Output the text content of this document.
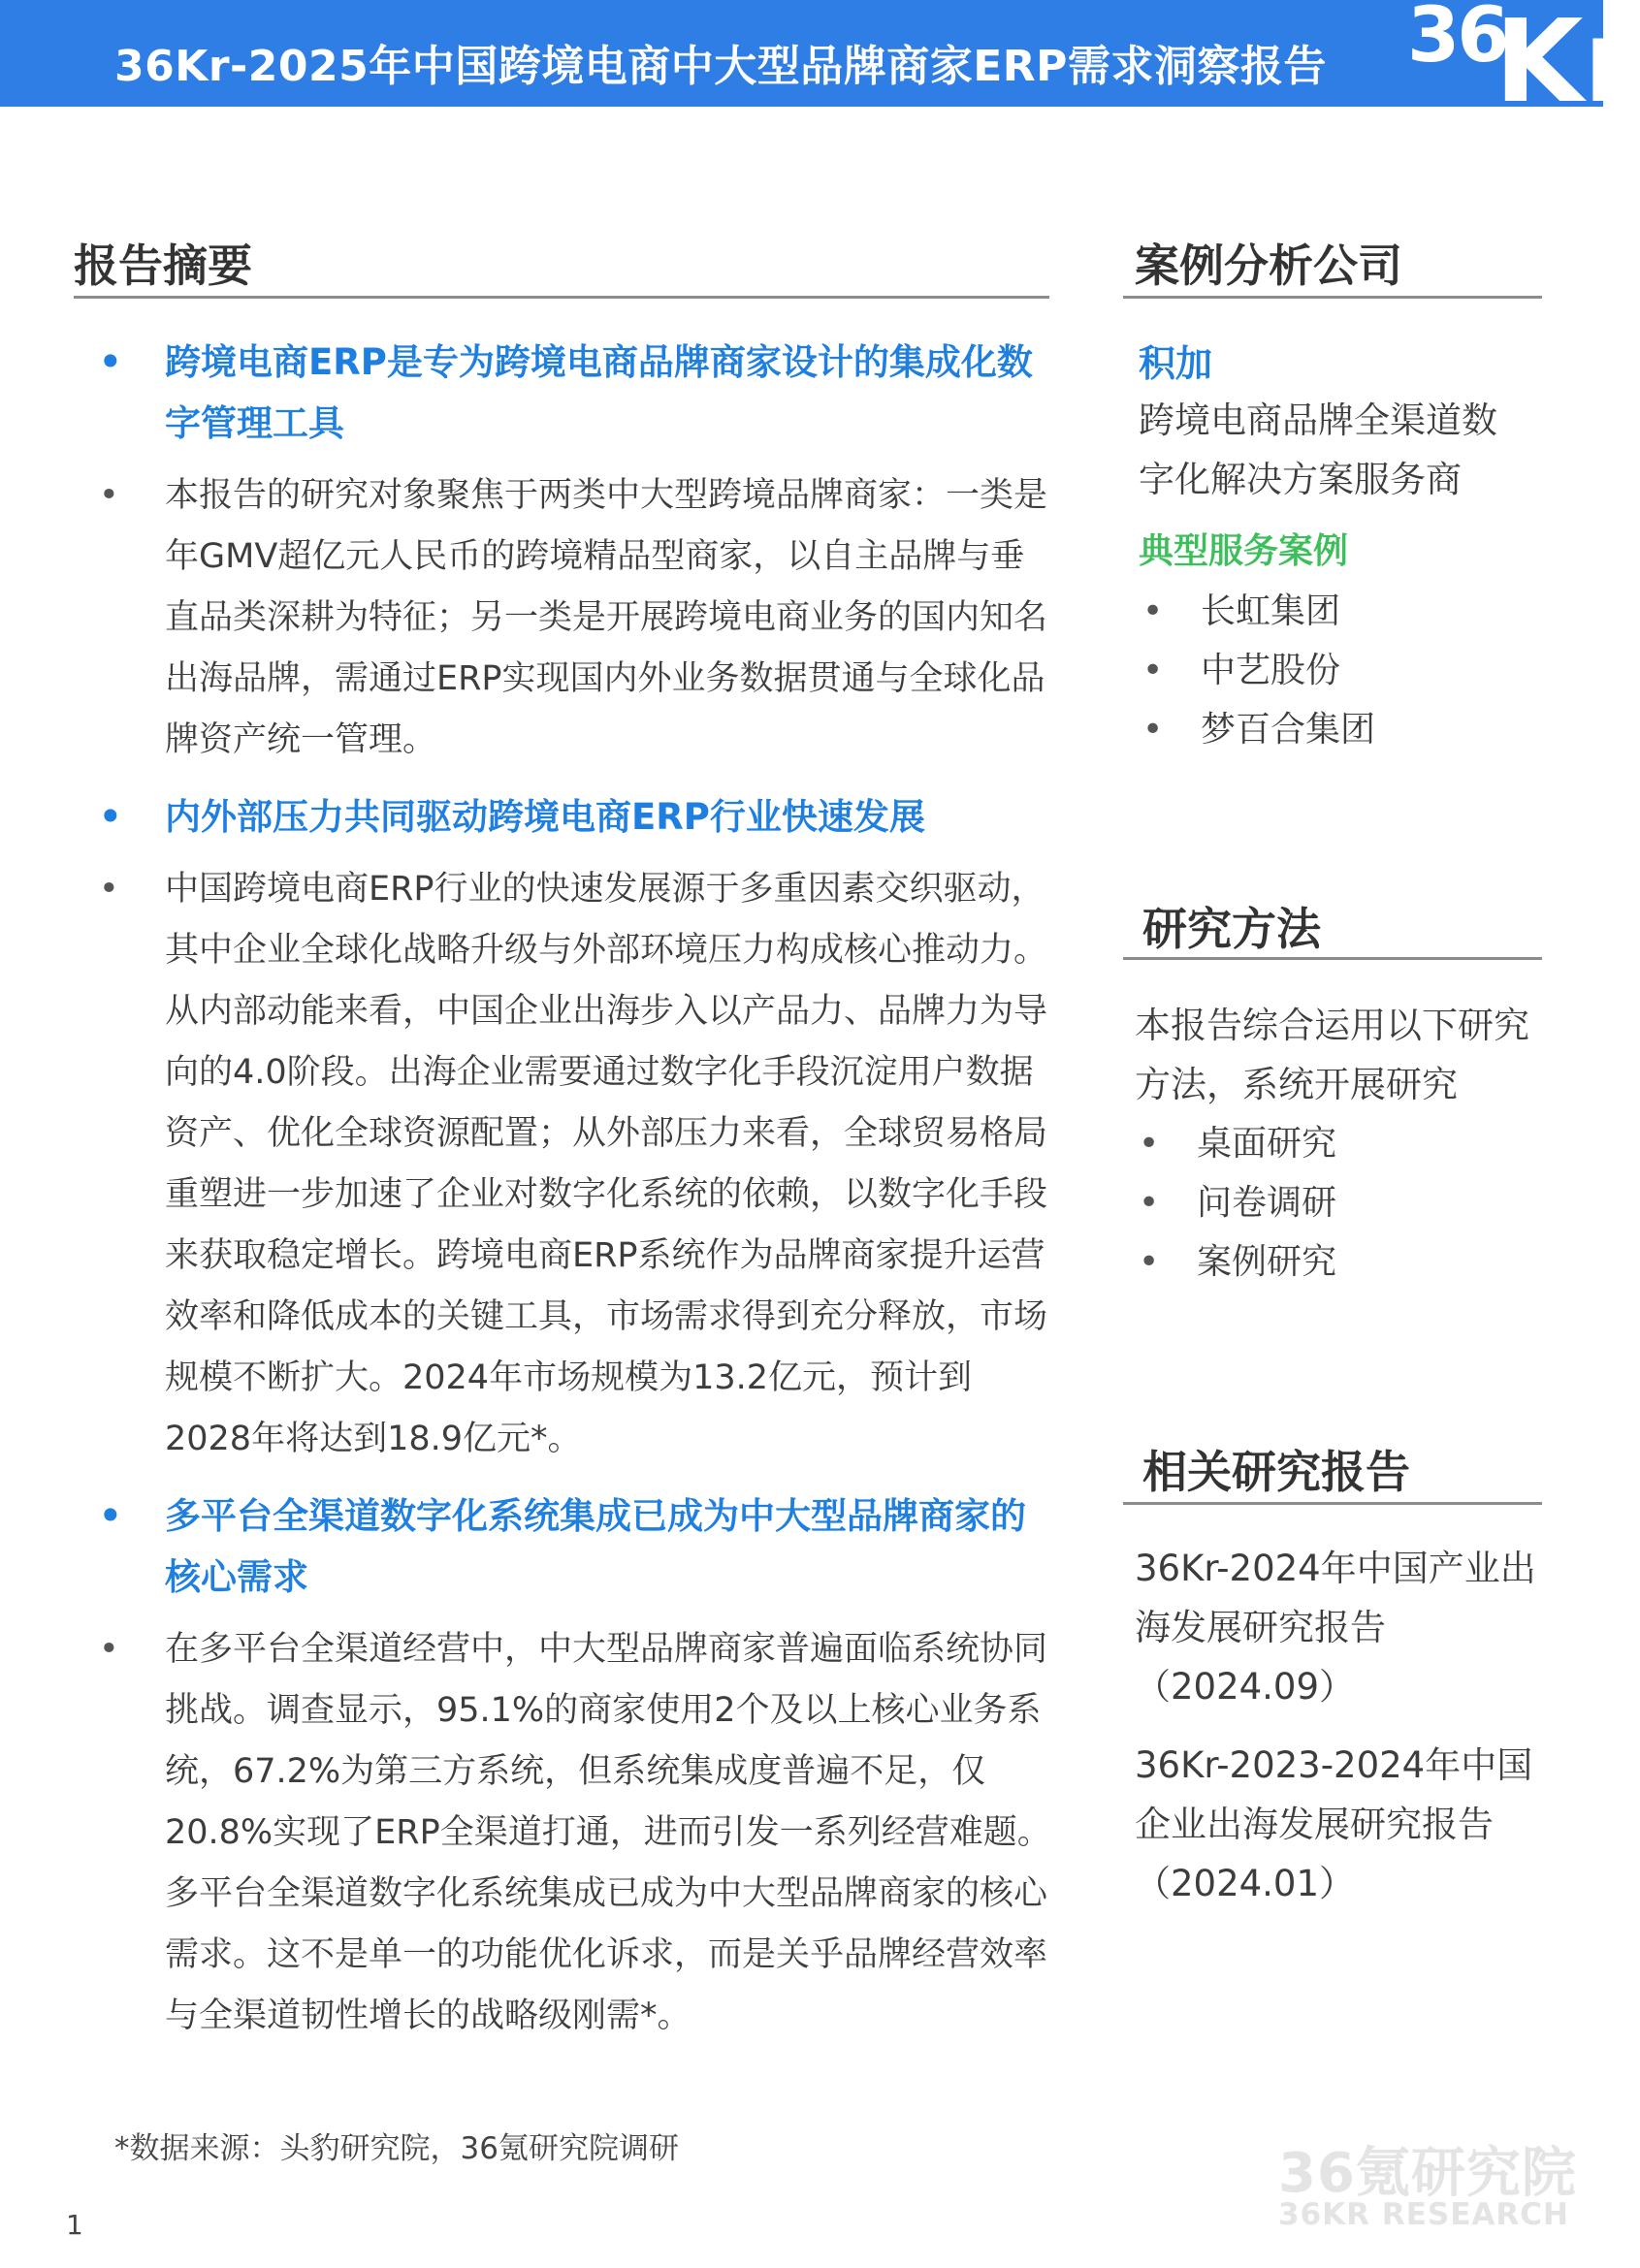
36Kr-2025年中国跨境电商中大型品牌商家ERP需求洞察报告 36
Kr
报告摘要
• 跨境电商ERP是专为跨境电商品牌商家设计的集成化数字管理工具
• 本报告的研究对象聚焦于两类中大型跨境品牌商家：一类是年GMV超亿元人民币的跨境精品型商家，以自主品牌与垂直品类深耕为特征；另一类是开展跨境电商业务的国内知名出海品牌，需通过ERP实现国内外业务数据贯通与全球化品牌资产统一管理。
• 内外部压力共同驱动跨境电商ERP行业快速发展
• 中国跨境电商ERP行业的快速发展源于多重因素交织驱动，其中企业全球化战略升级与外部环境压力构成核心推动力。从内部动能来看，中国企业出海步入以产品力、品牌力为导向的4.0阶段。出海企业需要通过数字化手段沉淀用户数据资产、优化全球资源配置；从外部压力来看，全球贸易格局重塑进一步加速了企业对数字化系统的依赖，以数字化手段来获取稳定增长。跨境电商ERP系统作为品牌商家提升运营效率和降低成本的关键工具，市场需求得到充分释放，市场规模不断扩大。2024年市场规模为13.2亿元，预计到2028年将达到18.9亿元*。
• 多平台全渠道数字化系统集成已成为中大型品牌商家的核心需求
• 在多平台全渠道经营中，中大型品牌商家普遍面临系统协同挑战。调查显示，95.1%的商家使用2个及以上核心业务系统，67.2%为第三方系统，但系统集成度普遍不足，仅20.8%实现了ERP全渠道打通，进而引发一系列经营难题。多平台全渠道数字化系统集成已成为中大型品牌商家的核心需求。这不是单一的功能优化诉求，而是关乎品牌经营效率与全渠道韧性增长的战略级刚需*。
*数据来源：头豹研究院，36氪研究院调研
1
案例分析公司
积加
跨境电商品牌全渠道数字化解决方案服务商
典型服务案例
• 长虹集团
• 中艺股份
• 梦百合集团
研究方法
本报告综合运用以下研究方法，系统开展研究
• 桌面研究
• 问卷调研
• 案例研究
相关研究报告
36Kr-2024年中国产业出海发展研究报告
（2024.09）
36Kr-2023-2024年中国企业出海发展研究报告
（2024.01）
36氪研究院
36KR RESEARCH
